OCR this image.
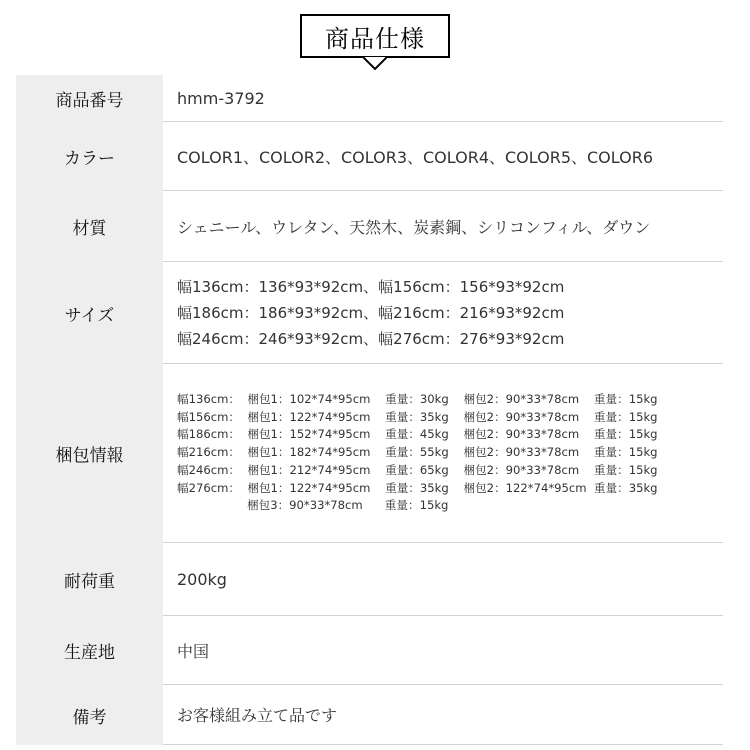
商品仕様
商品番号	hmm-3792
カラー	COLOR1、COLOR2、COLOR3、COLOR4、COLOR5、COLOR6
材質	シェニール、ウレタン、天然木、炭素鋼、シリコンフィル、ダウン
サイズ
幅136cm：136*93*92cm、幅156cm：156*93*92cm
幅186cm：186*93*92cm、幅216cm：216*93*92cm
幅246cm：246*93*92cm、幅276cm：276*93*92cm
梱包情報
幅136cm：  梱包1：102*74*95cm    重量：30kg    梱包2：90*33*78cm    重量：15kg
幅156cm：  梱包1：122*74*95cm    重量：35kg    梱包2：90*33*78cm    重量：15kg
幅186cm：  梱包1：152*74*95cm    重量：45kg    梱包2：90*33*78cm    重量：15kg
幅216cm：  梱包1：182*74*95cm    重量：55kg    梱包2：90*33*78cm    重量：15kg
幅246cm：  梱包1：212*74*95cm    重量：65kg    梱包2：90*33*78cm    重量：15kg
幅276cm：  梱包1：122*74*95cm    重量：35kg    梱包2：122*74*95cm  重量：35kg
梱包3：90*33*78cm      重量：15kg
耐荷重	200kg
生産地	中国
備考	お客様組み立て品です
